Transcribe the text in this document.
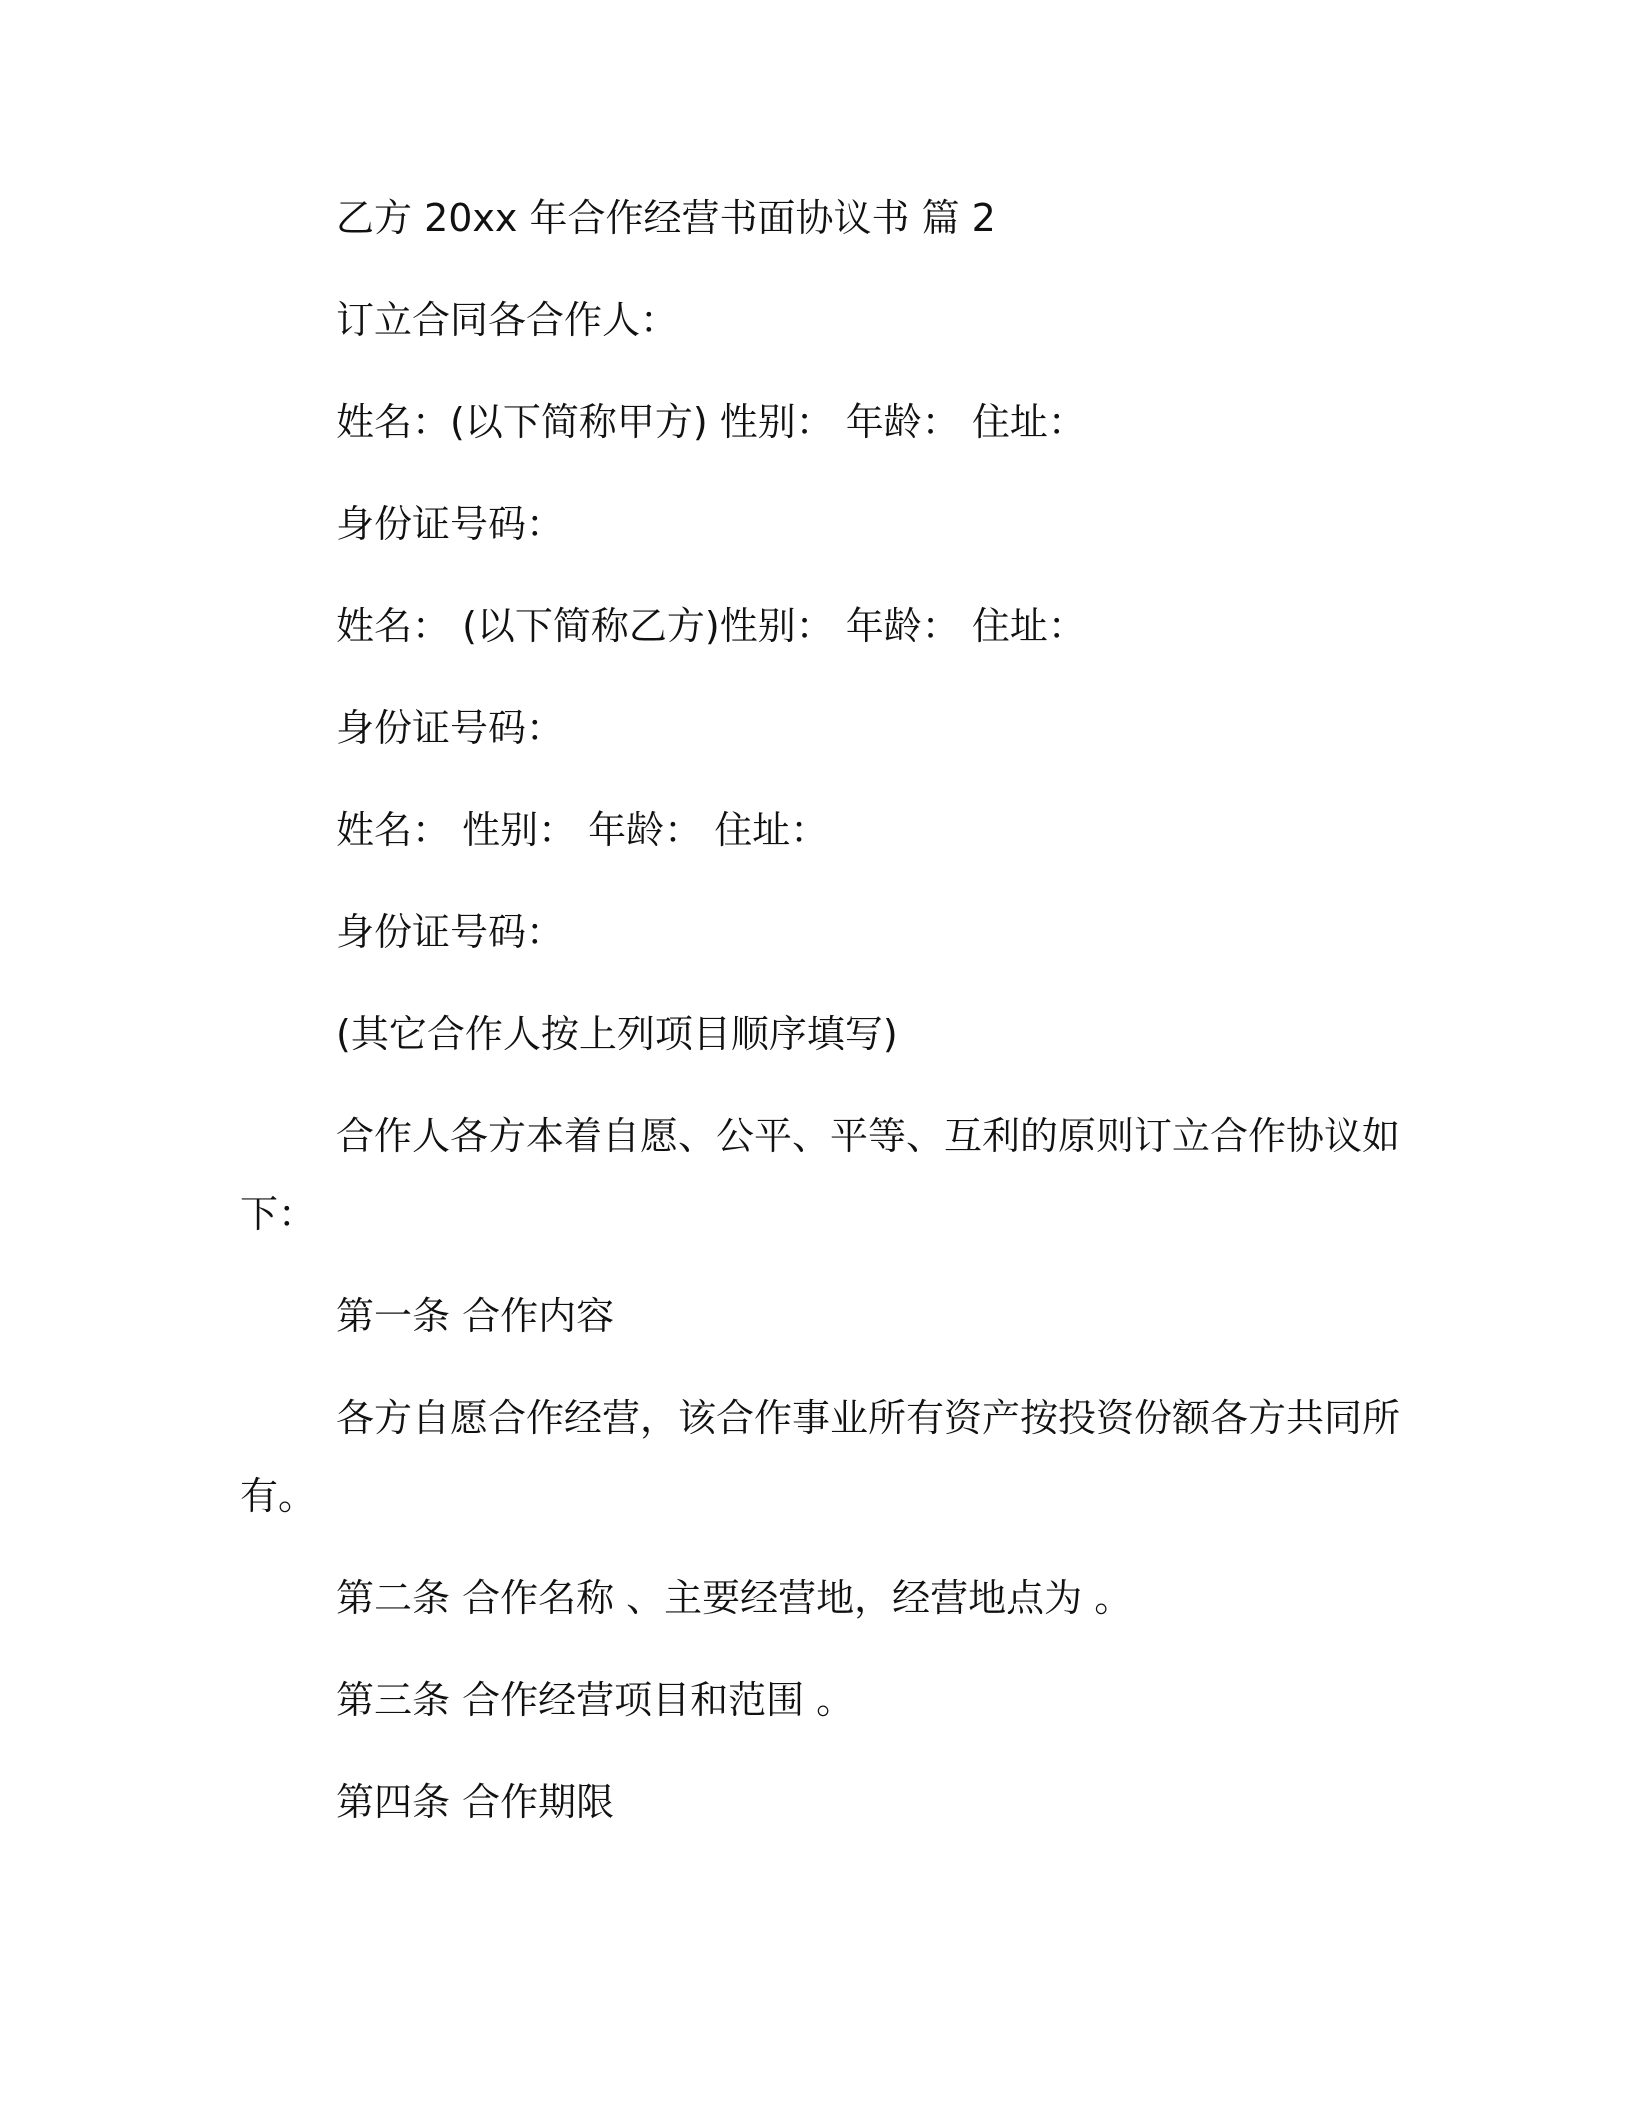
乙方 20xx 年合作经营书面协议书 篇 2

订立合同各合作人：

姓名：(以下简称甲方) 性别： 年龄： 住址：

身份证号码：

姓名： (以下简称乙方)性别： 年龄： 住址：

身份证号码：

姓名： 性别： 年龄： 住址：

身份证号码：

(其它合作人按上列项目顺序填写)

合作人各方本着自愿、公平、平等、互利的原则订立合作协议如
下：

第一条 合作内容

各方自愿合作经营，该合作事业所有资产按投资份额各方共同所
有。

第二条 合作名称 、主要经营地，经营地点为 。

第三条 合作经营项目和范围 。

第四条 合作期限
